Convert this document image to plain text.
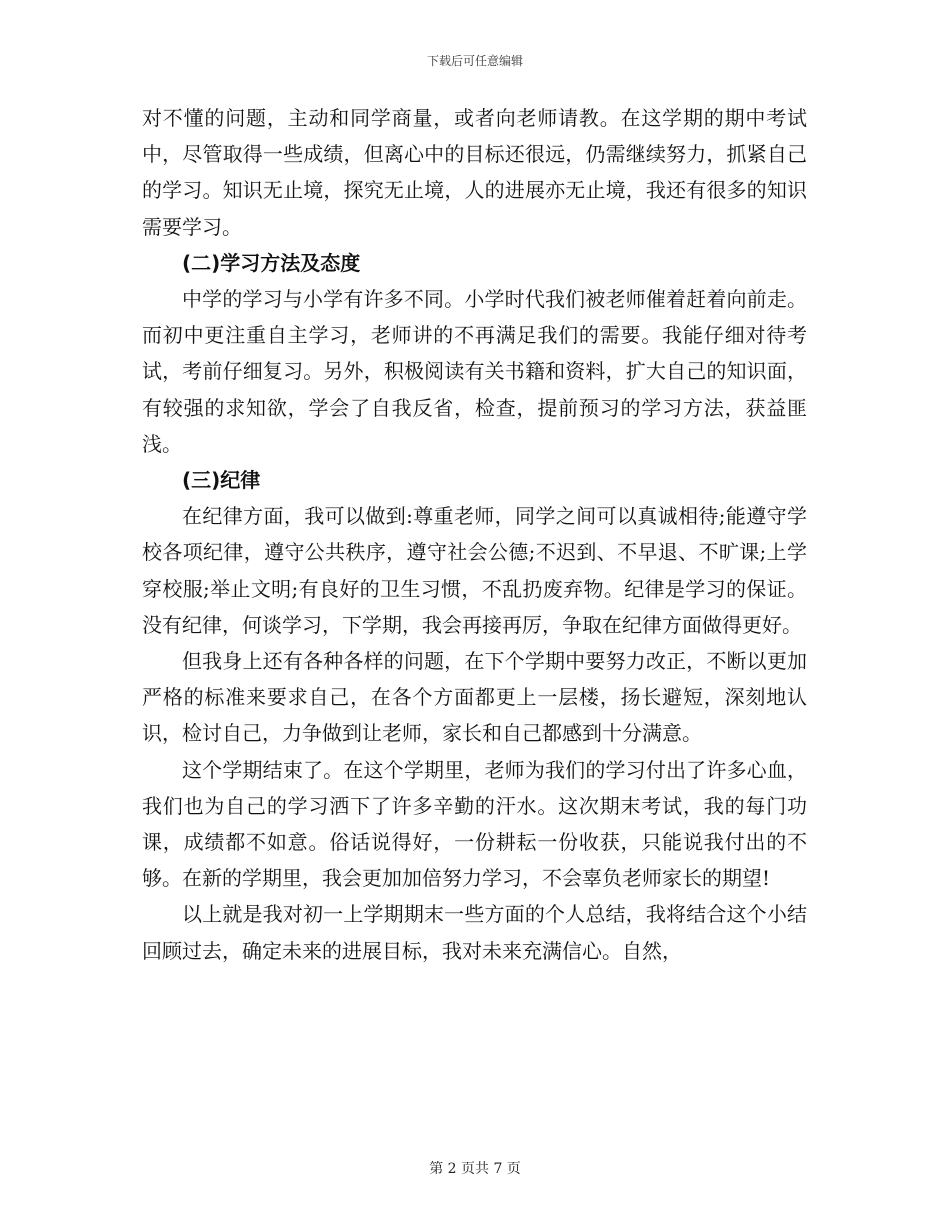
下载后可任意编辑

对不懂的问题，主动和同学商量，或者向老师请教。在这学期的期中考试中，尽管取得一些成绩，但离心中的目标还很远，仍需继续努力，抓紧自己的学习。知识无止境，探究无止境，人的进展亦无止境，我还有很多的知识需要学习。

(二)学习方法及态度

中学的学习与小学有许多不同。小学时代我们被老师催着赶着向前走。而初中更注重自主学习，老师讲的不再满足我们的需要。我能仔细对待考试，考前仔细复习。另外，积极阅读有关书籍和资料，扩大自己的知识面，有较强的求知欲，学会了自我反省，检查，提前预习的学习方法，获益匪浅。

(三)纪律

在纪律方面，我可以做到:尊重老师，同学之间可以真诚相待;能遵守学校各项纪律，遵守公共秩序，遵守社会公德;不迟到、不早退、不旷课;上学穿校服;举止文明;有良好的卫生习惯，不乱扔废弃物。纪律是学习的保证。没有纪律，何谈学习，下学期，我会再接再厉，争取在纪律方面做得更好。

但我身上还有各种各样的问题，在下个学期中要努力改正，不断以更加严格的标准来要求自己，在各个方面都更上一层楼，扬长避短，深刻地认识，检讨自己，力争做到让老师，家长和自己都感到十分满意。

这个学期结束了。在这个学期里，老师为我们的学习付出了许多心血，我们也为自己的学习洒下了许多辛勤的汗水。这次期末考试，我的每门功课，成绩都不如意。俗话说得好，一份耕耘一份收获，只能说我付出的不够。在新的学期里，我会更加加倍努力学习，不会辜负老师家长的期望!

以上就是我对初一上学期期末一些方面的个人总结，我将结合这个小结回顾过去，确定未来的进展目标，我对未来充满信心。自然，

第 2 页共 7 页
